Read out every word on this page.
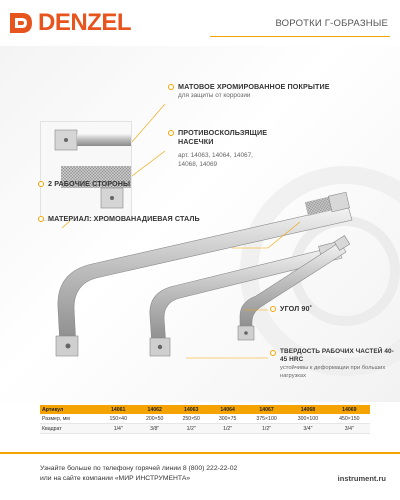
DENZEL	ВОРОТКИ Г-ОБРАЗНЫЕ
МАТОВОЕ ХРОМИРОВАННОЕ ПОКРЫТИЕ
для защиты от коррозии
ПРОТИВОСКОЛЬЗЯЩИЕ
НАСЕЧКИ
арт. 14063, 14064, 14067,
14068, 14069
2 РАБОЧИЕ СТОРОНЫ
МАТЕРИАЛ: ХРОМОВАНАДИЕВАЯ СТАЛЬ
УГОЛ 90˚
ТВЕРДОСТЬ РАБОЧИХ ЧАСТЕЙ 40-45 HRC
устойчивы к деформации при больших нагрузках
Артикул	14061	14062	14063	14064	14067	14068	14069
Размер, мм	150×40	200×50	250×50	300×75	375×100	300×100	450×150
Квадрат	1/4"	3/8"	1/2"	1/2"	1/2"	3/4"	3/4"
Узнайте больше по телефону горячей линии 8 (800) 222-22-02
или на сайте компании «МИР ИНСТРУМЕНТА»	instrument.ru
